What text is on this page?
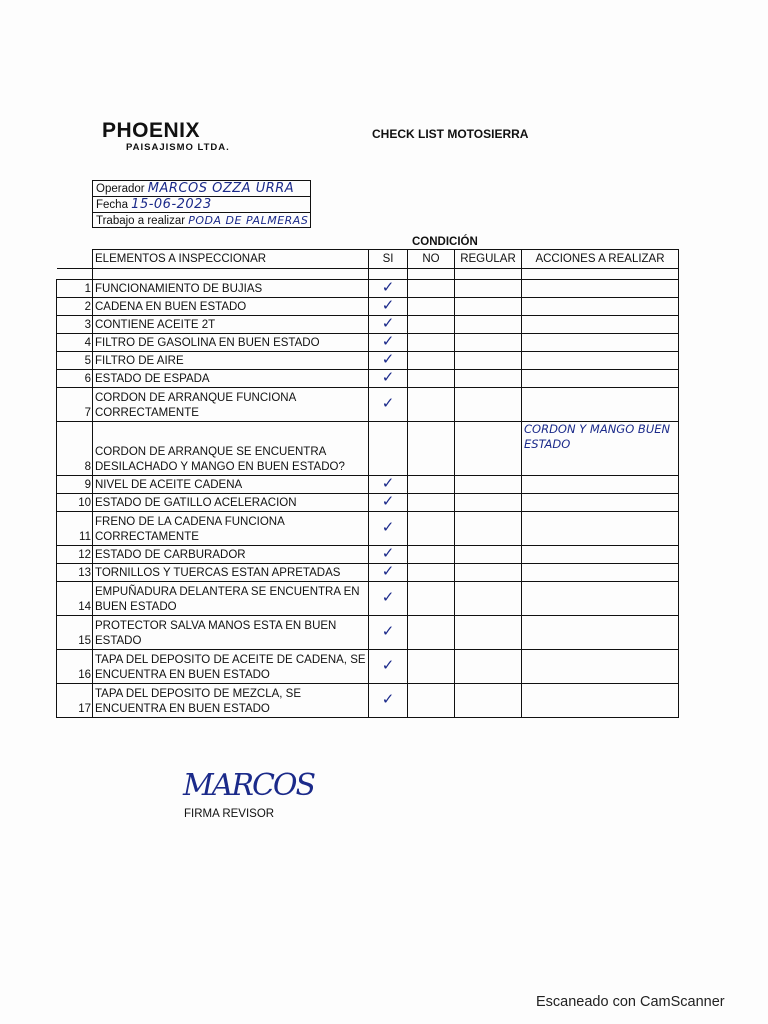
PHOENIX
PAISAJISMO LTDA.
CHECK LIST MOTOSIERRA
Operador MARCOS OZZA URRA
Fecha 15-06-2023
Trabajo a realizar PODA DE PALMERAS
CONDICIÓN
	ELEMENTOS A INSPECCIONAR	SI	NO	REGULAR	ACCIONES A REALIZAR

1	FUNCIONAMIENTO DE BUJIAS	✓			
2	CADENA EN BUEN ESTADO	✓			
3	CONTIENE ACEITE 2T	✓			
4	FILTRO DE GASOLINA EN BUEN ESTADO	✓			
5	FILTRO DE AIRE	✓			
6	ESTADO DE ESPADA	✓			
7	CORDON DE ARRANQUE FUNCIONA CORRECTAMENTE	✓			
8	CORDON DE ARRANQUE SE ENCUENTRA DESILACHADO Y MANGO EN BUEN ESTADO?				CORDON Y MANGO BUEN ESTADO
9	NIVEL DE ACEITE CADENA	✓			
10	ESTADO DE GATILLO ACELERACION	✓			
11	FRENO DE LA CADENA FUNCIONA CORRECTAMENTE	✓			
12	ESTADO DE CARBURADOR	✓			
13	TORNILLOS Y TUERCAS ESTAN APRETADAS	✓			
14	EMPUÑADURA DELANTERA SE ENCUENTRA EN BUEN ESTADO	✓			
15	PROTECTOR SALVA MANOS ESTA EN BUEN ESTADO	✓			
16	TAPA DEL DEPOSITO DE ACEITE DE CADENA, SE ENCUENTRA EN BUEN ESTADO	✓			
17	TAPA DEL DEPOSITO DE MEZCLA, SE ENCUENTRA EN BUEN ESTADO	✓			
MARCOS
FIRMA REVISOR
Escaneado con CamScanner
